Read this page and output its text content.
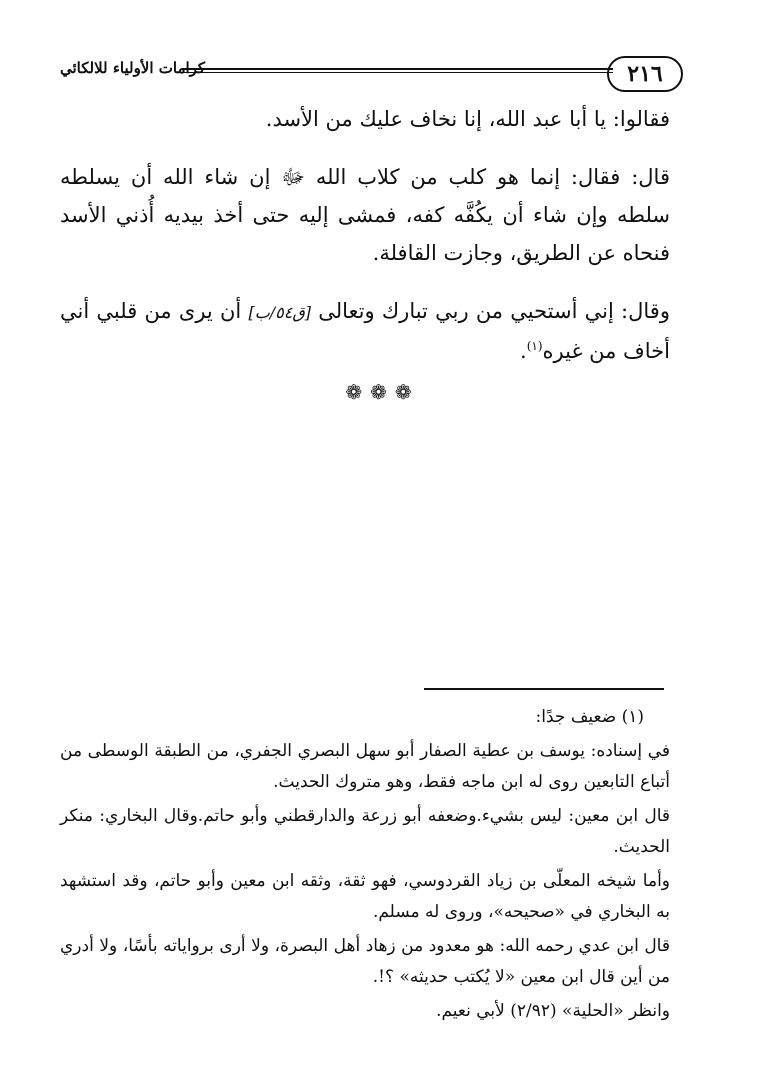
٢١٦
كرامات الأولياء للالكائي

فقالوا: يا أبا عبد الله، إنا نخاف عليك من الأسد.

قال: فقال: إنما هو كلب من كلاب الله ﷻ إن شاء الله أن يسلطه سلطه وإن شاء أن يكُفَّه كفه، فمشى إليه حتى أخذ بيديه أُذني الأسد فنحاه عن الطريق، وجازت القافلة.

وقال: إني أستحيي من ربي تبارك وتعالى [ق٥٤/ب] أن يرى من قلبي أني أخاف من غيره$^{(١)}$.

❁❁❁

(١) ضعيف جدًا:

في إسناده: يوسف بن عطية الصفار أبو سهل البصري الجفري، من الطبقة الوسطى من أتباع التابعين روى له ابن ماجه فقط، وهو متروك الحديث.

قال ابن معين: ليس بشيء.وضعفه أبو زرعة والدارقطني وأبو حاتم.وقال البخاري: منكر الحديث.

وأما شيخه المعلّى بن زياد القردوسي، فهو ثقة، وثقه ابن معين وأبو حاتم، وقد استشهد به البخاري في «صحيحه»، وروى له مسلم.

قال ابن عدي رحمه الله: هو معدود من زهاد أهل البصرة، ولا أرى برواياته بأسًا، ولا أدري من أين قال ابن معين «لا يُكتب حديثه» ؟!.

وانظر «الحلية» (٢/٩٢) لأبي نعيم.
